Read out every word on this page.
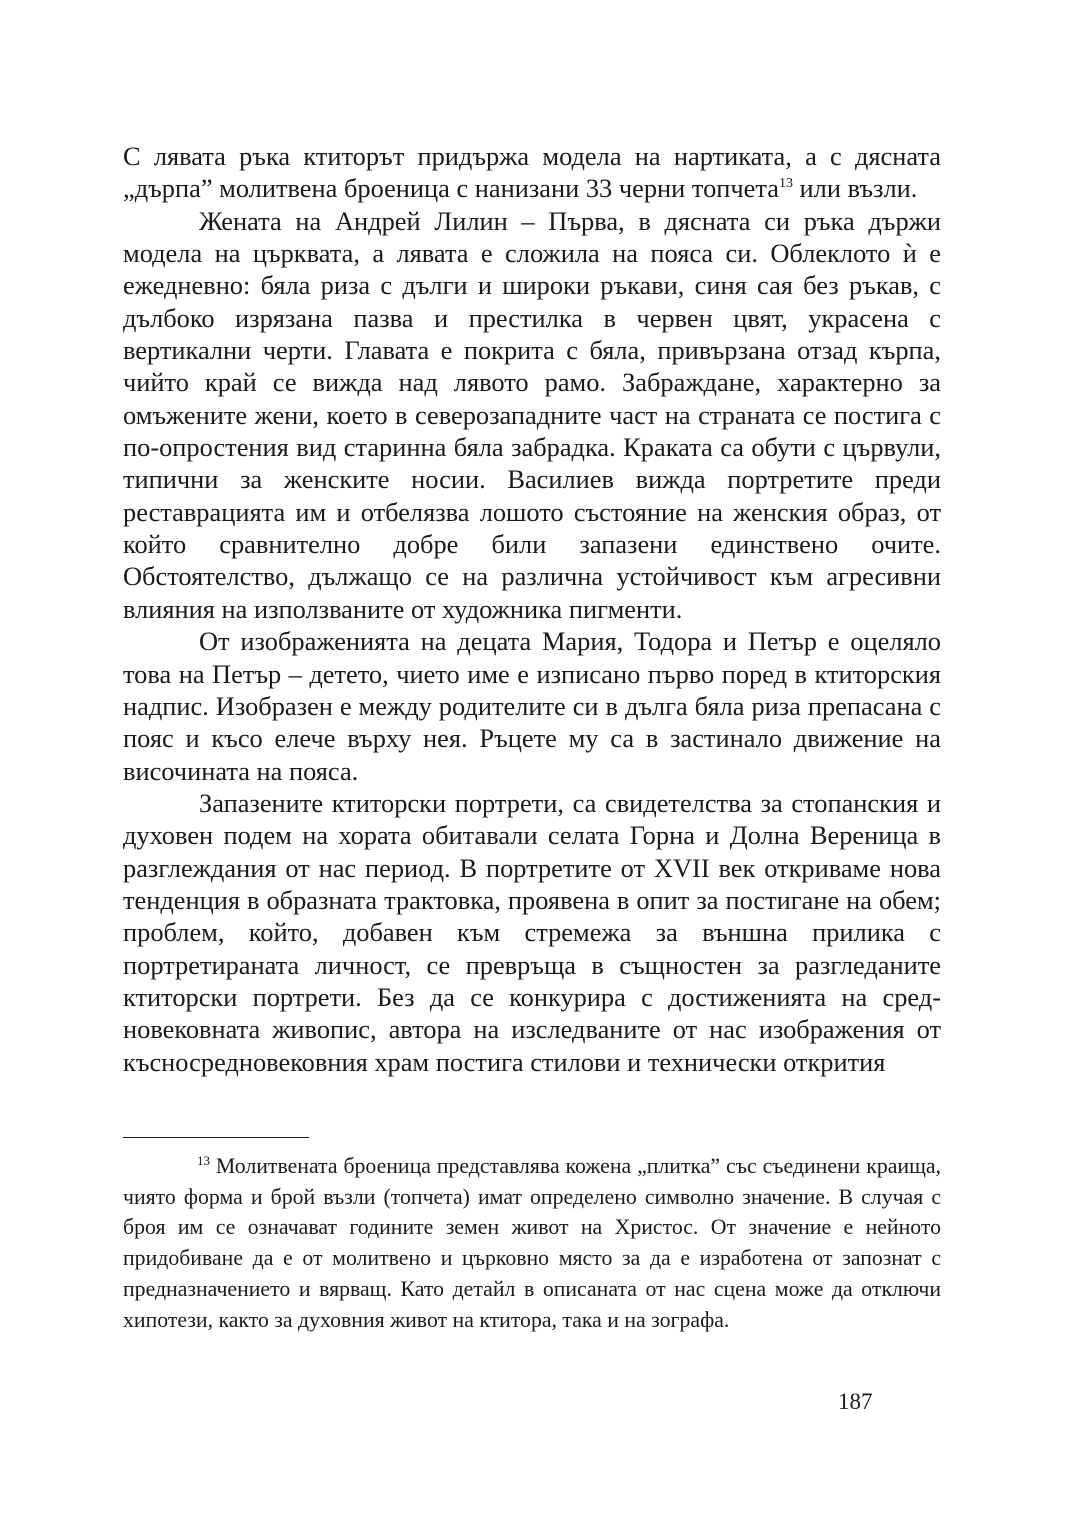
С лявата ръка ктиторът придържа модела на нартиката, а с дясната „дърпа” молитвена броеница с нанизани 33 черни топчета$^{13}$ или възли.

Жената на Андрей Лилин – Първа, в дясната си ръка държи модела на църквата, а лявата е сложила на пояса си. Облеклото ѝ е ежедневно: бяла риза с дълги и широки ръкави, синя сая без ръкав, с дълбоко изрязана пазва и престилка в червен цвят, украсена с вертикални черти. Главата е покрита с бяла, привързана отзад кърпа, чийто край се вижда над лявото рамо. Забраждане, характерно за омъжените жени, което в северозападните част на страната се постига с по-опростения вид старинна бяла забрадка. Краката са обути с цървули, типични за женските носии. Василиев вижда портретите преди реставрацията им и отбелязва лошото състояние на женския образ, от който сравнително добре били запазени единствено очите. Обстоятелство, дължащо се на различна устойчивост към агресивни влияния на използваните от художника пигменти.

От изображенията на децата Мария, Тодора и Петър е оцеляло това на Петър – детето, чието име е изписано първо поред в ктиторския надпис. Изобразен е между родителите си в дълга бяла риза препасана с пояс и късо елече върху нея. Ръцете му са в застинало движение на височината на пояса.

Запазените ктиторски портрети, са свидетелства за стопанския и духовен подем на хората обитавали селата Горна и Долна Вереница в разглеждания от нас период. В портретите от XVII век откриваме нова тенденция в образната трактовка, проявена в опит за постигане на обем; проблем, който, добавен към стремежа за външна прилика с портретираната личност, се превръща в същностен за разгледаните ктиторски портрети. Без да се конкурира с достиженията на средновековната живопис, автора на изследваните от нас изображения от късносредновековния храм постига стилови и технически открития

$^{13}$ Молитвената броеница представлява кожена „плитка” със съединени краища, чиято форма и брой възли (топчета) имат определено символно значение. В случая с броя им се означават годините земен живот на Христос. От значение е нейното придобиване да е от молитвено и църковно място за да е изработена от запознат с предназначението и вярващ. Като детайл в описаната от нас сцена може да отключи хипотези, както за духовния живот на ктитора, така и на зографа.

187
